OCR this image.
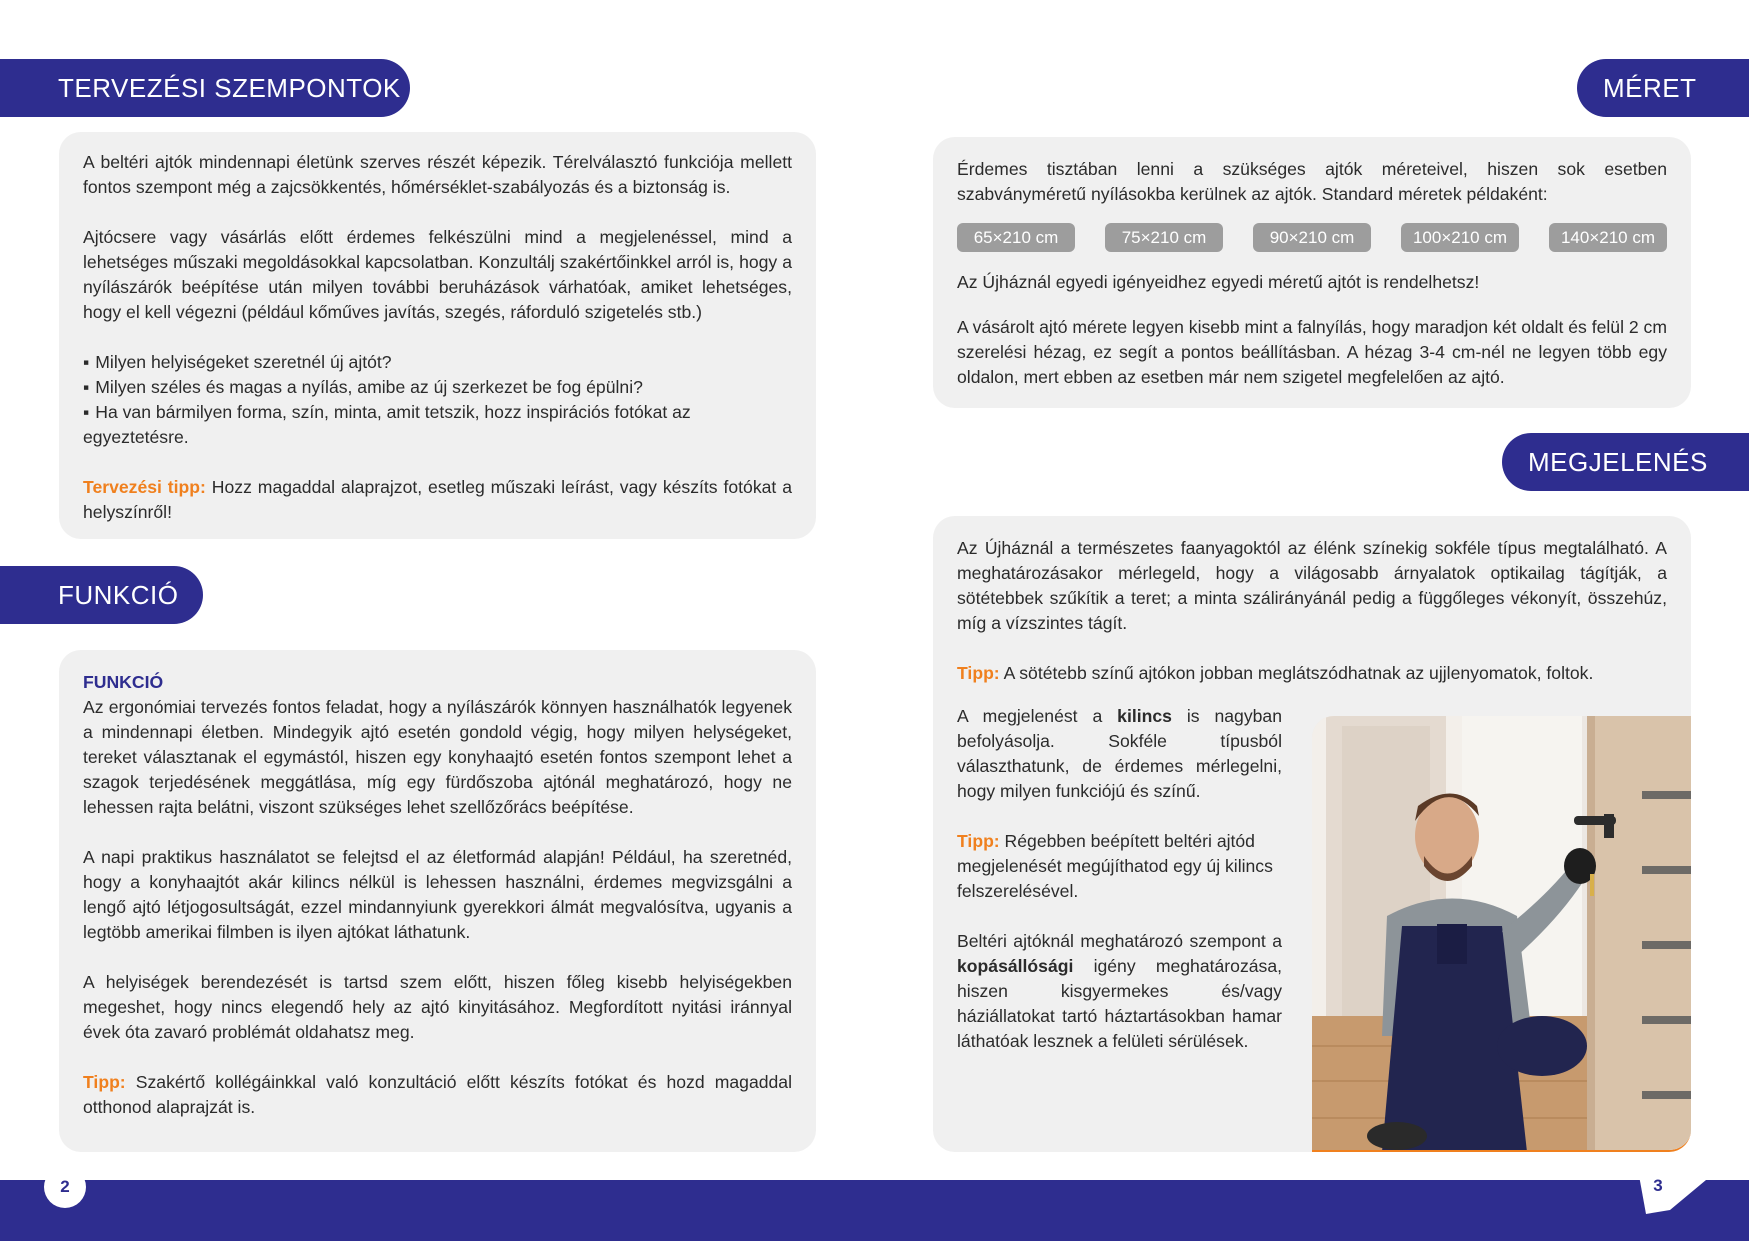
TERVEZÉSI SZEMPONTOK

A beltéri ajtók mindennapi életünk szerves részét képezik. Térelválasztó funkciója mellett fontos szempont még a zajcsökkentés, hőmérséklet-szabályozás és a biztonság is.

Ajtócsere vagy vásárlás előtt érdemes felkészülni mind a megjelenéssel, mind a lehetséges műszaki megoldásokkal kapcsolatban. Konzultálj szakértőinkkel arról is, hogy a nyílászárók beépítése után milyen további beruházások várhatóak, amiket lehetséges, hogy el kell végezni (például kőműves javítás, szegés, ráforduló szigetelés stb.)

▪ Milyen helyiségeket szeretnél új ajtót?
▪ Milyen széles és magas a nyílás, amibe az új szerkezet be fog épülni?
▪ Ha van bármilyen forma, szín, minta, amit tetszik, hozz inspirációs fotókat az egyeztetésre.

Tervezési tipp: Hozz magaddal alaprajzot, esetleg műszaki leírást, vagy készíts fotókat a helyszínről!

FUNKCIÓ
FUNKCIÓ

Az ergonómiai tervezés fontos feladat, hogy a nyílászárók könnyen használhatók legyenek a mindennapi életben. Mindegyik ajtó esetén gondold végig, hogy milyen helységeket, tereket választanak el egymástól, hiszen egy konyhaajtó esetén fontos szempont lehet a szagok terjedésének meggátlása, míg egy fürdőszoba ajtónál meghatározó, hogy ne lehessen rajta belátni, viszont szükséges lehet szellőzőrács beépítése.

A napi praktikus használatot se felejtsd el az életformád alapján! Például, ha szeretnéd, hogy a konyhaajtót akár kilincs nélkül is lehessen használni, érdemes megvizsgálni a lengő ajtó létjogosultságát, ezzel mindannyiunk gyerekkori álmát megvalósítva, ugyanis a legtöbb amerikai filmben is ilyen ajtókat láthatunk.

A helyiségek berendezését is tartsd szem előtt, hiszen főleg kisebb helyiségekben megeshet, hogy nincs elegendő hely az ajtó kinyitásához. Megfordított nyitási iránnyal évek óta zavaró problémát oldahatsz meg.

Tipp: Szakértő kollégáinkkal való konzultáció előtt készíts fotókat és hozd magaddal otthonod alaprajzát is.

MÉRET

Érdemes tisztában lenni a szükséges ajtók méreteivel, hiszen sok esetben szabványméretű nyílásokba kerülnek az ajtók. Standard méretek példaként:

65×210 cm	75×210 cm	90×210 cm	100×210 cm	140×210 cm

Az Újháznál egyedi igényeidhez egyedi méretű ajtót is rendelhetsz!

A vásárolt ajtó mérete legyen kisebb mint a falnyílás, hogy maradjon két oldalt és felül 2 cm szerelési hézag, ez segít a pontos beállításban. A hézag 3-4 cm-nél ne legyen több egy oldalon, mert ebben az esetben már nem szigetel megfelelően az ajtó.

MEGJELENÉS

Az Újháznál a természetes faanyagoktól az élénk színekig sokféle típus megtalálható. A meghatározásakor mérlegeld, hogy a világosabb árnyalatok optikailag tágítják, a sötétebbek szűkítik a teret; a minta szálirányánál pedig a függőleges vékonyít, összehúz, míg a vízszintes tágít.

Tipp: A sötétebb színű ajtókon jobban meglátszódhatnak az ujjlenyomatok, foltok.

A megjelenést a kilincs is nagyban befolyásolja. Sokféle típusból választhatunk, de érdemes mérlegelni, hogy milyen funkciójú és színű.

Tipp: Régebben beépített beltéri ajtód megjelenését megújíthatod egy új kilincs felszerelésével.

Beltéri ajtóknál meghatározó szempont a kopásállósági igény meghatározása, hiszen kisgyermekes és/vagy háziállatokat tartó háztartásokban hamar láthatóak lesznek a felületi sérülések.

2	3
